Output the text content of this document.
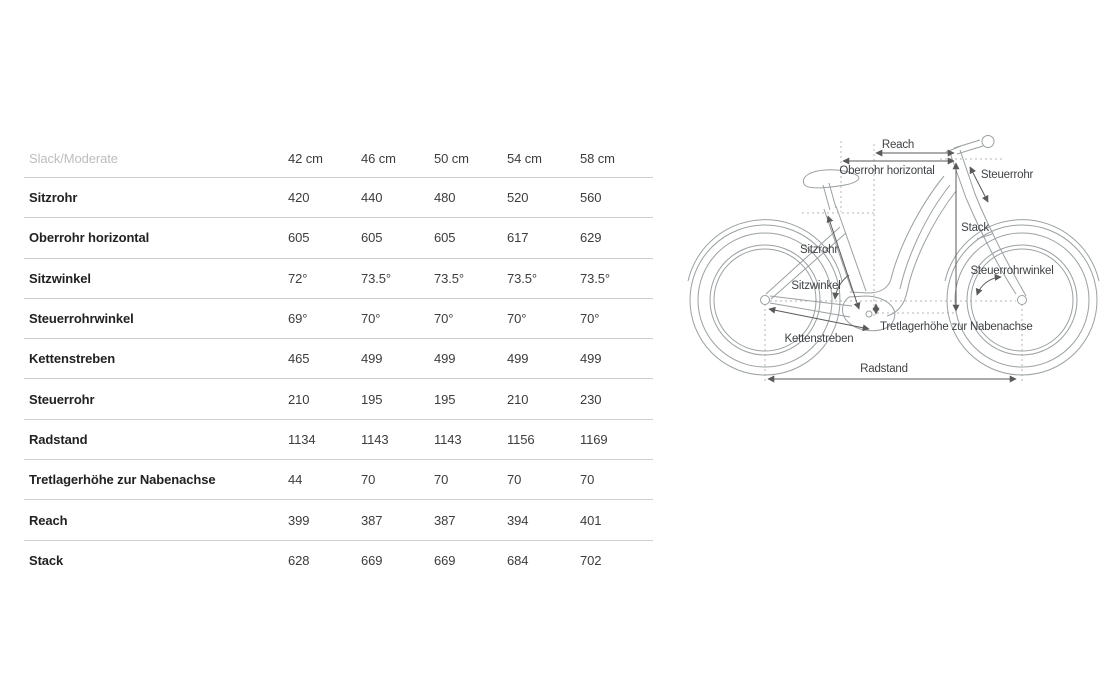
Slack/Moderate	42 cm	46 cm	50 cm	54 cm	58 cm
Sitzrohr	420	440	480	520	560
Oberrohr horizontal	605	605	605	617	629
Sitzwinkel	72°	73.5°	73.5°	73.5°	73.5°
Steuerrohrwinkel	69°	70°	70°	70°	70°
Kettenstreben	465	499	499	499	499
Steuerrohr	210	195	195	210	230
Radstand	1134	1143	1143	1156	1169
Tretlagerhöhe zur Nabenachse	44	70	70	70	70
Reach	399	387	387	394	401
Stack	628	669	669	684	702
Reach
Oberrohr horizontal	Steuerrohr
Stack
Sitzrohr
Sitzwinkel
Steuerrohrwinkel
Tretlagerhöhe zur Nabenachse
Kettenstreben
Radstand
